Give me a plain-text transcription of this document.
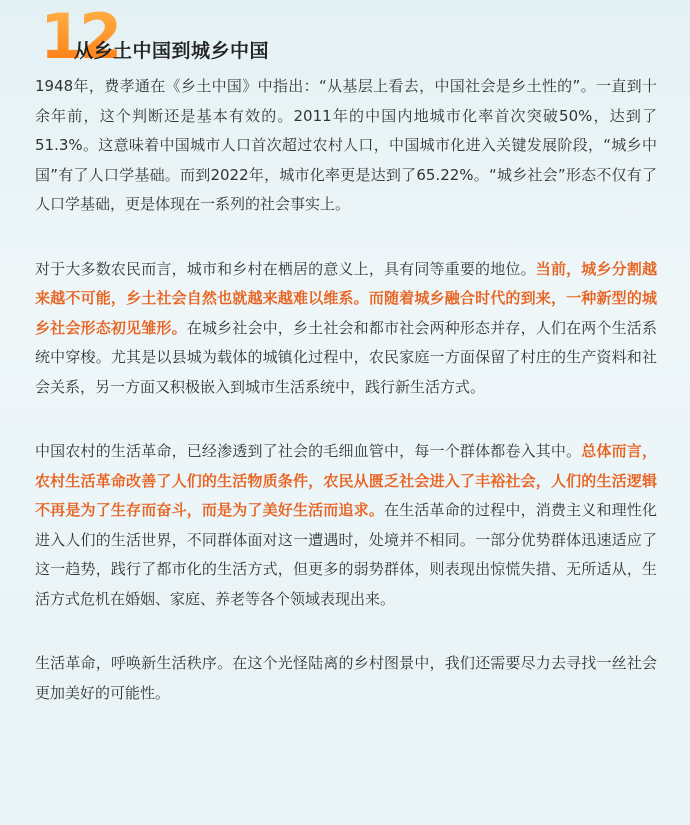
12
从乡土中国到城乡中国

1948年，费孝通在《乡土中国》中指出：“从基层上看去，中国社会是乡土性的”。一直到十余年前，这个判断还是基本有效的。2011年的中国内地城市化率首次突破50%，达到了51.3%。这意味着中国城市人口首次超过农村人口，中国城市化进入关键发展阶段，“城乡中国”有了人口学基础。而到2022年，城市化率更是达到了65.22%。“城乡社会”形态不仅有了人口学基础，更是体现在一系列的社会事实上。

对于大多数农民而言，城市和乡村在栖居的意义上，具有同等重要的地位。当前，城乡分割越来越不可能，乡土社会自然也就越来越难以维系。而随着城乡融合时代的到来，一种新型的城乡社会形态初见雏形。在城乡社会中，乡土社会和都市社会两种形态并存，人们在两个生活系统中穿梭。尤其是以县城为载体的城镇化过程中，农民家庭一方面保留了村庄的生产资料和社会关系，另一方面又积极嵌入到城市生活系统中，践行新生活方式。

中国农村的生活革命，已经渗透到了社会的毛细血管中，每一个群体都卷入其中。总体而言，农村生活革命改善了人们的生活物质条件，农民从匮乏社会进入了丰裕社会，人们的生活逻辑不再是为了生存而奋斗，而是为了美好生活而追求。在生活革命的过程中，消费主义和理性化进入人们的生活世界，不同群体面对这一遭遇时，处境并不相同。一部分优势群体迅速适应了这一趋势，践行了都市化的生活方式，但更多的弱势群体，则表现出惊慌失措、无所适从，生活方式危机在婚姻、家庭、养老等各个领域表现出来。

生活革命，呼唤新生活秩序。在这个光怪陆离的乡村图景中，我们还需要尽力去寻找一丝社会更加美好的可能性。
